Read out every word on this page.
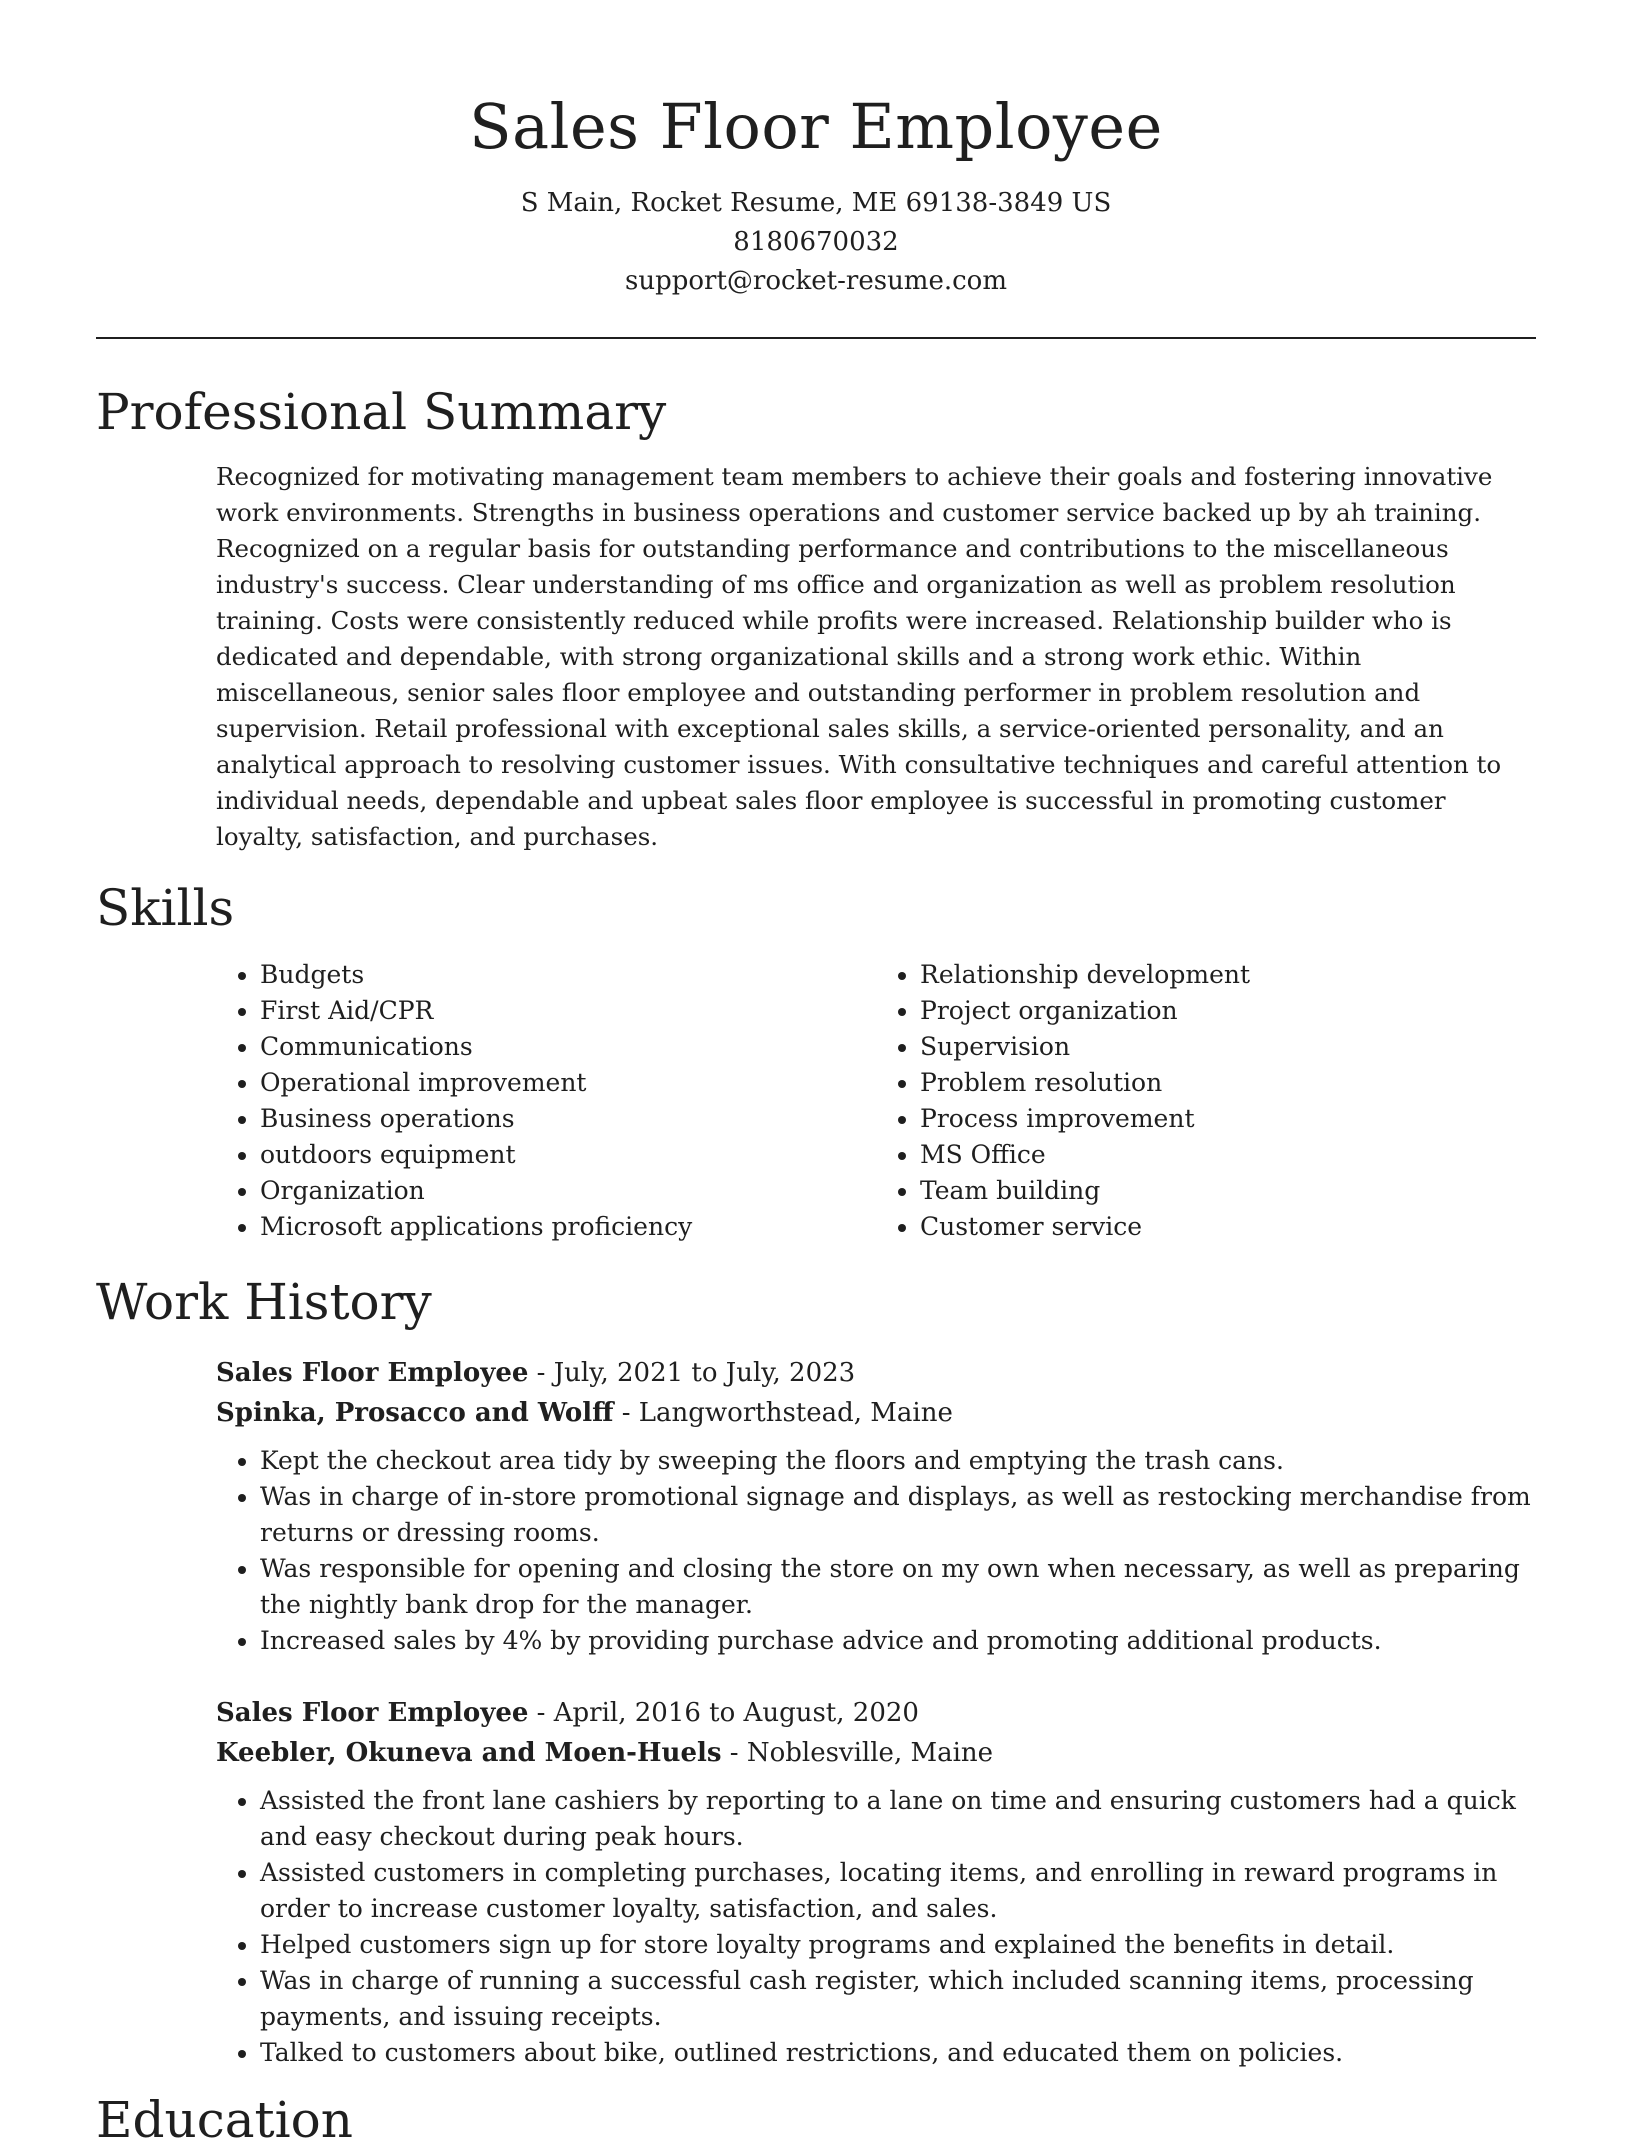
Sales Floor Employee
S Main, Rocket Resume, ME 69138-3849 US
8180670032
support@rocket-resume.com
Professional Summary
Recognized for motivating management team members to achieve their goals and fostering innovative work environments. Strengths in business operations and customer service backed up by ah training. Recognized on a regular basis for outstanding performance and contributions to the miscellaneous industry's success. Clear understanding of ms office and organization as well as problem resolution training. Costs were consistently reduced while profits were increased. Relationship builder who is dedicated and dependable, with strong organizational skills and a strong work ethic. Within miscellaneous, senior sales floor employee and outstanding performer in problem resolution and supervision. Retail professional with exceptional sales skills, a service-oriented personality, and an analytical approach to resolving customer issues. With consultative techniques and careful attention to individual needs, dependable and upbeat sales floor employee is successful in promoting customer loyalty, satisfaction, and purchases.
Skills
• Budgets
• First Aid/CPR
• Communications
• Operational improvement
• Business operations
• outdoors equipment
• Organization
• Microsoft applications proficiency
• Relationship development
• Project organization
• Supervision
• Problem resolution
• Process improvement
• MS Office
• Team building
• Customer service
Work History
Sales Floor Employee - July, 2021 to July, 2023
Spinka, Prosacco and Wolff - Langworthstead, Maine
• Kept the checkout area tidy by sweeping the floors and emptying the trash cans.
• Was in charge of in-store promotional signage and displays, as well as restocking merchandise from returns or dressing rooms.
• Was responsible for opening and closing the store on my own when necessary, as well as preparing the nightly bank drop for the manager.
• Increased sales by 4% by providing purchase advice and promoting additional products.
Sales Floor Employee - April, 2016 to August, 2020
Keebler, Okuneva and Moen-Huels - Noblesville, Maine
• Assisted the front lane cashiers by reporting to a lane on time and ensuring customers had a quick and easy checkout during peak hours.
• Assisted customers in completing purchases, locating items, and enrolling in reward programs in order to increase customer loyalty, satisfaction, and sales.
• Helped customers sign up for store loyalty programs and explained the benefits in detail.
• Was in charge of running a successful cash register, which included scanning items, processing payments, and issuing receipts.
• Talked to customers about bike, outlined restrictions, and educated them on policies.
Education
